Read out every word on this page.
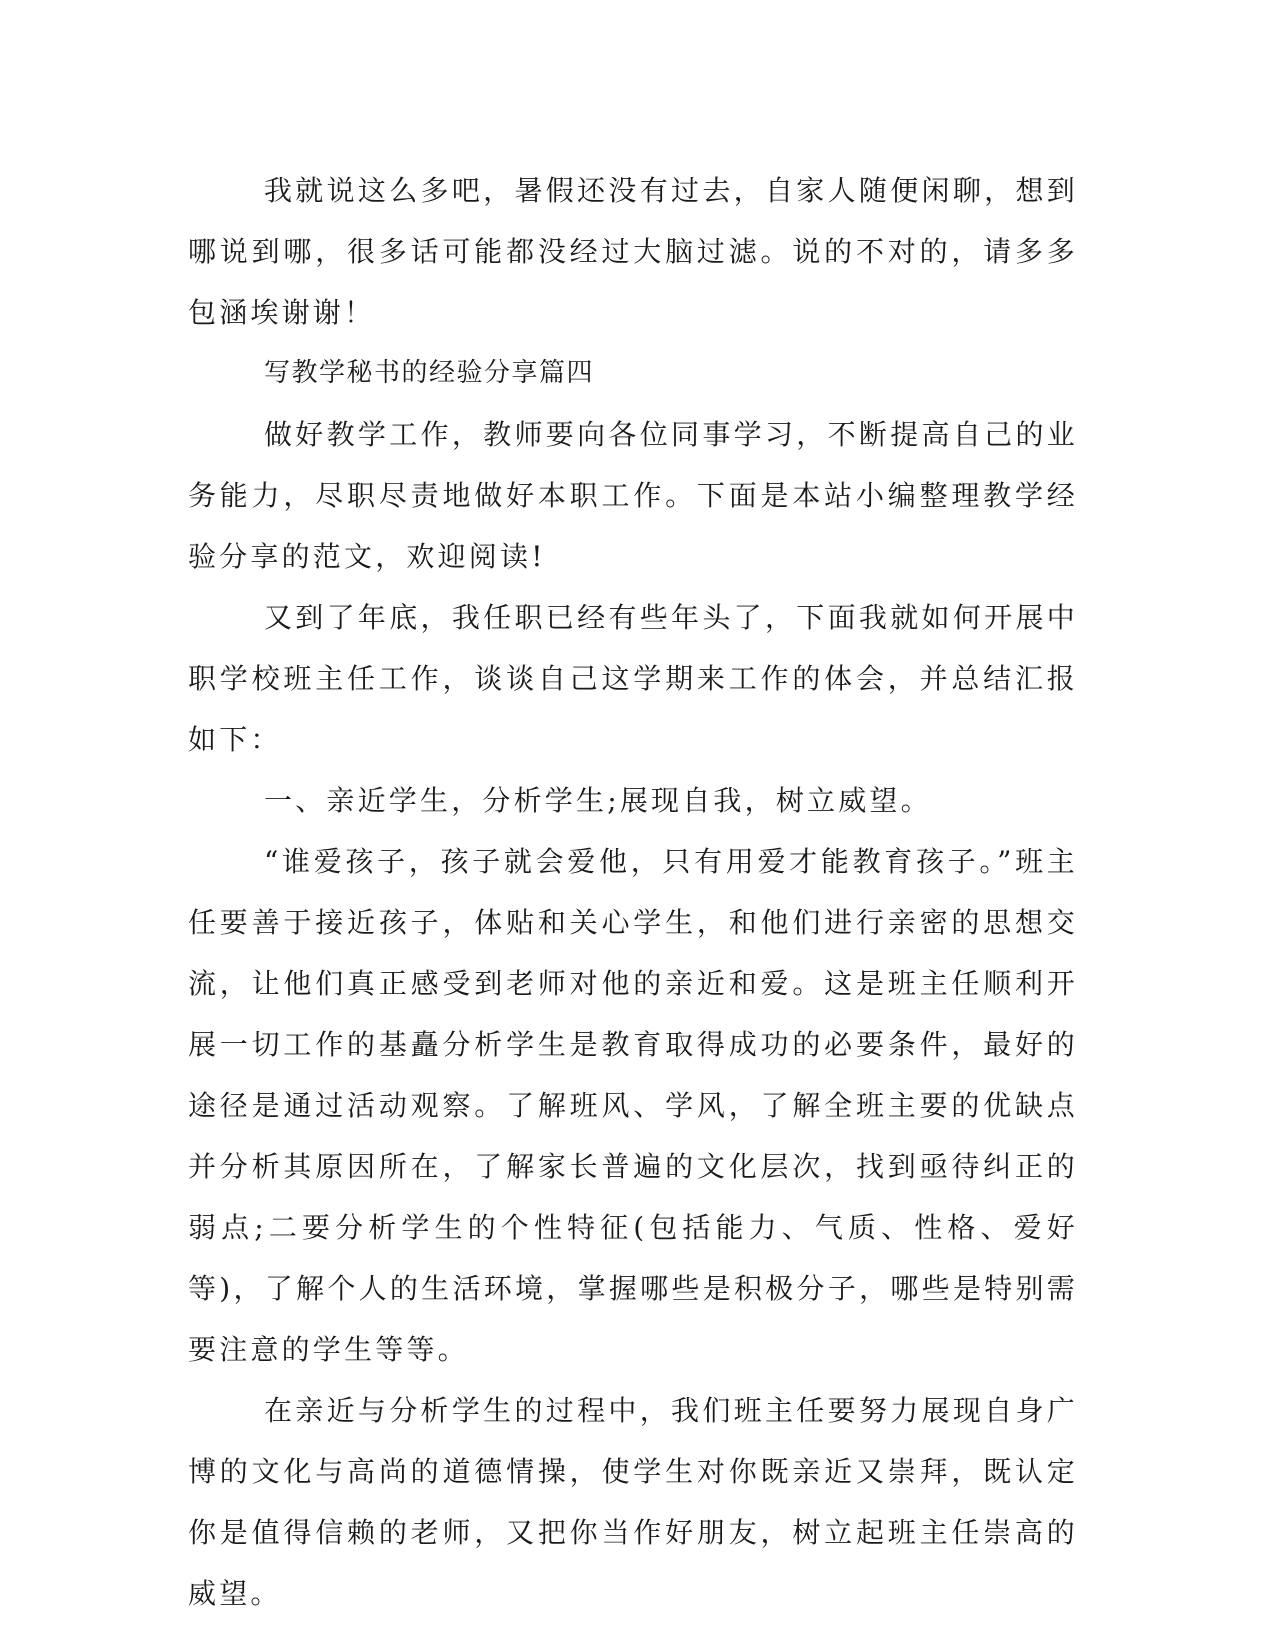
我就说这么多吧，暑假还没有过去，自家人随便闲聊，想到哪说到哪，很多话可能都没经过大脑过滤。说的不对的，请多多包涵埃谢谢！

写教学秘书的经验分享篇四

做好教学工作，教师要向各位同事学习，不断提高自己的业务能力，尽职尽责地做好本职工作。下面是本站小编整理教学经验分享的范文，欢迎阅读!

又到了年底，我任职已经有些年头了，下面我就如何开展中职学校班主任工作，谈谈自己这学期来工作的体会，并总结汇报如下：

一、亲近学生，分析学生;展现自我，树立威望。

“谁爱孩子，孩子就会爱他，只有用爱才能教育孩子。”班主任要善于接近孩子，体贴和关心学生，和他们进行亲密的思想交流，让他们真正感受到老师对他的亲近和爱。这是班主任顺利开展一切工作的基矗分析学生是教育取得成功的必要条件，最好的途径是通过活动观察。了解班风、学风，了解全班主要的优缺点并分析其原因所在，了解家长普遍的文化层次，找到亟待纠正的弱点;二要分析学生的个性特征(包括能力、气质、性格、爱好等)，了解个人的生活环境，掌握哪些是积极分子，哪些是特别需要注意的学生等等。

在亲近与分析学生的过程中，我们班主任要努力展现自身广博的文化与高尚的道德情操，使学生对你既亲近又崇拜，既认定你是值得信赖的老师，又把你当作好朋友，树立起班主任崇高的威望。
